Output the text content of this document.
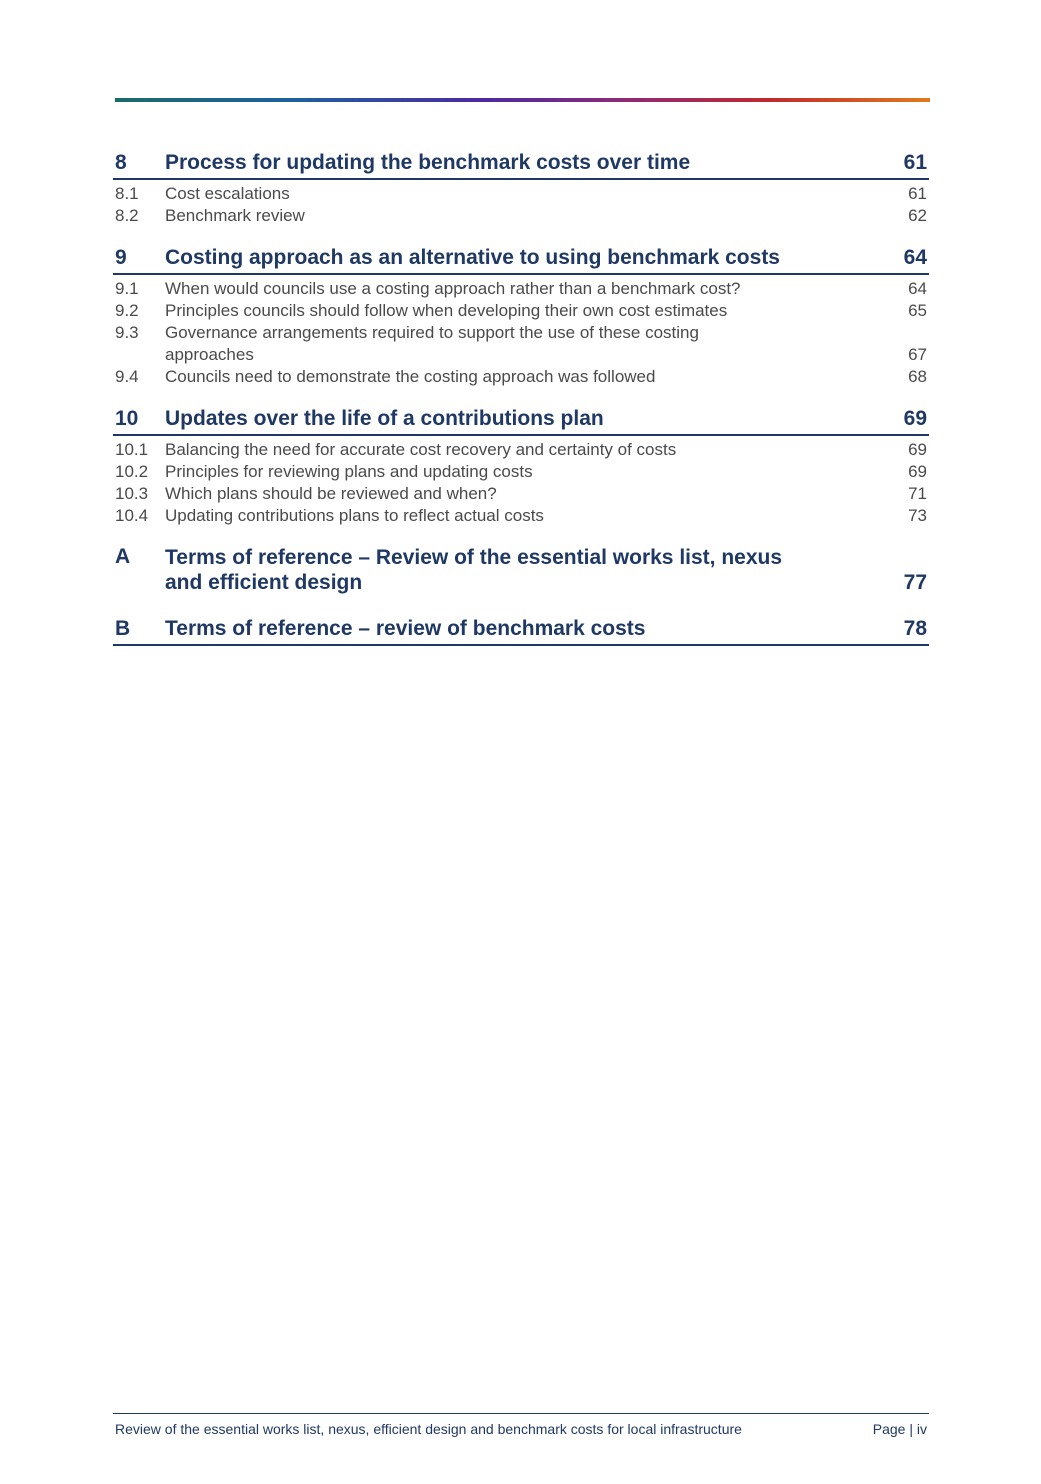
8	Process for updating the benchmark costs over time	61
8.1	Cost escalations	61
8.2	Benchmark review	62
9	Costing approach as an alternative to using benchmark costs	64
9.1	When would councils use a costing approach rather than a benchmark cost?	64
9.2	Principles councils should follow when developing their own cost estimates	65
9.3	Governance arrangements required to support the use of these costing approaches	67
9.4	Councils need to demonstrate the costing approach was followed	68
10	Updates over the life of a contributions plan	69
10.1 Balancing the need for accurate cost recovery and certainty of costs	69
10.2 Principles for reviewing plans and updating costs	69
10.3 Which plans should be reviewed and when?	71
10.4 Updating contributions plans to reflect actual costs	73
A	Terms of reference – Review of the essential works list, nexus and efficient design	77
B	Terms of reference – review of benchmark costs	78
Review of the essential works list, nexus, efficient design and benchmark costs for local infrastructure	Page | iv
